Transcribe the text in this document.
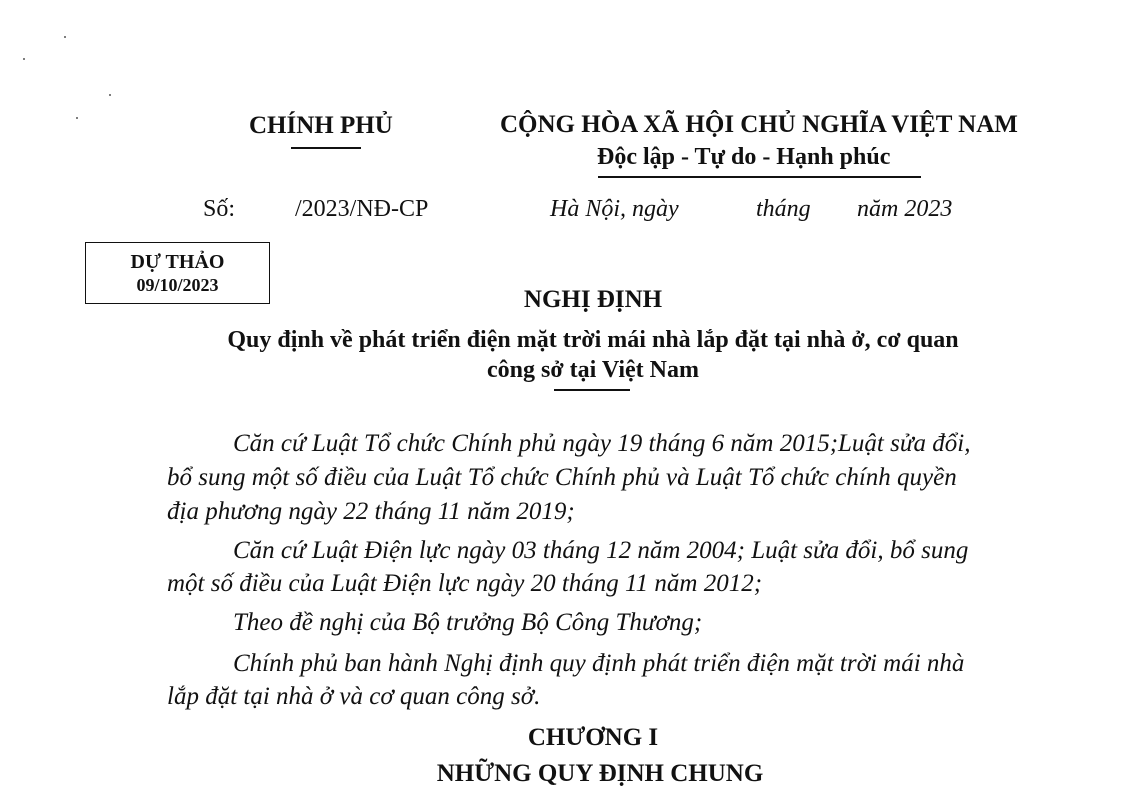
CHÍNH PHỦ	CỘNG HÒA XÃ HỘI CHỦ NGHĨA VIỆT NAM
Độc lập - Tự do - Hạnh phúc
Số: /2023/NĐ-CP	Hà Nội, ngày	tháng năm 2023
DỰ THẢO
09/10/2023
NGHỊ ĐỊNH
Quy định về phát triển điện mặt trời mái nhà lắp đặt tại nhà ở, cơ quan
công sở tại Việt Nam
Căn cứ Luật Tổ chức Chính phủ ngày 19 tháng 6 năm 2015;Luật sửa đổi,
bổ sung một số điều của Luật Tổ chức Chính phủ và Luật Tổ chức chính quyền
địa phương ngày 22 tháng 11 năm 2019;
Căn cứ Luật Điện lực ngày 03 tháng 12 năm 2004; Luật sửa đổi, bổ sung
một số điều của Luật Điện lực ngày 20 tháng 11 năm 2012;
Theo đề nghị của Bộ trưởng Bộ Công Thương;
Chính phủ ban hành Nghị định quy định phát triển điện mặt trời mái nhà
lắp đặt tại nhà ở và cơ quan công sở.
CHƯƠNG I
NHỮNG QUY ĐỊNH CHUNG
